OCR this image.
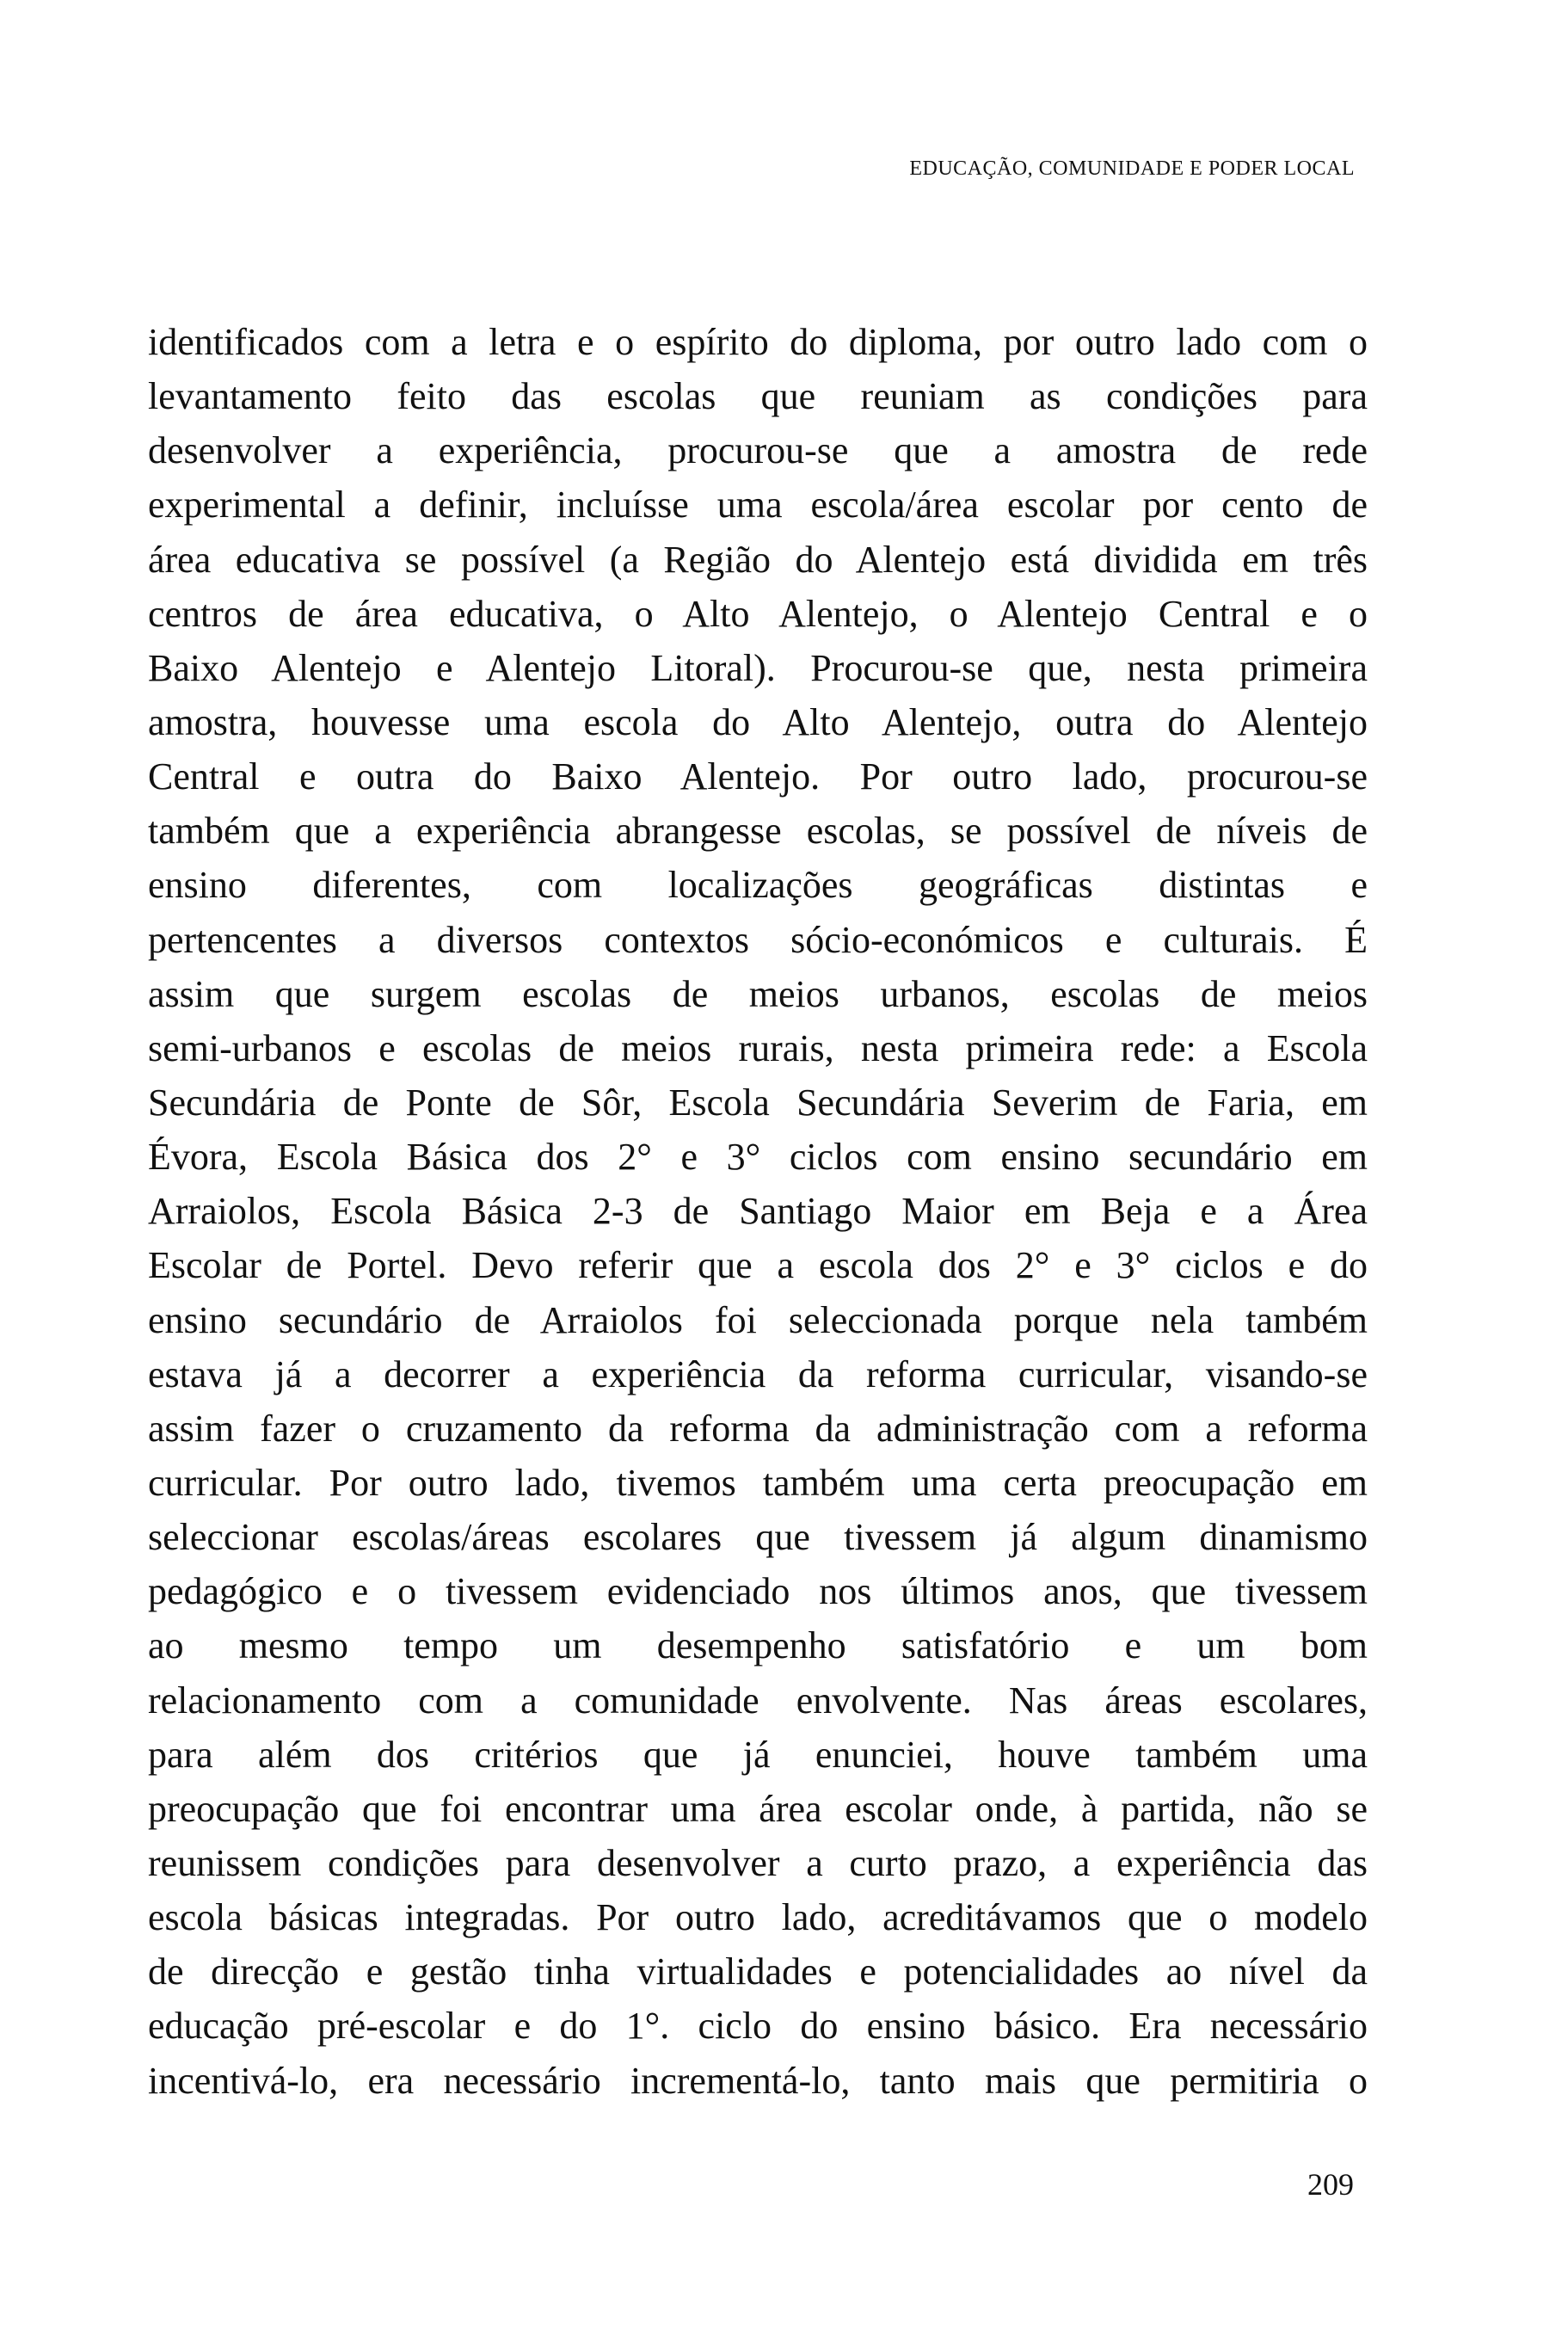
EDUCAÇÃO, COMUNIDADE E PODER LOCAL
identificados com a letra e o espírito do diploma, por outro lado com o
levantamento feito das escolas que reuniam as condições para
desenvolver a experiência, procurou-se que a amostra de rede
experimental a definir, incluísse uma escola/área escolar por cento de
área educativa se possível (a Região do Alentejo está dividida em três
centros de área educativa, o Alto Alentejo, o Alentejo Central e o
Baixo Alentejo e Alentejo Litoral). Procurou-se que, nesta primeira
amostra, houvesse uma escola do Alto Alentejo, outra do Alentejo
Central e outra do Baixo Alentejo. Por outro lado, procurou-se
também que a experiência abrangesse escolas, se possível de níveis de
ensino diferentes, com localizações geográficas distintas e
pertencentes a diversos contextos sócio-económicos e culturais. É
assim que surgem escolas de meios urbanos, escolas de meios
semi-urbanos e escolas de meios rurais, nesta primeira rede: a Escola
Secundária de Ponte de Sôr, Escola Secundária Severim de Faria, em
Évora, Escola Básica dos 2° e 3° ciclos com ensino secundário em
Arraiolos, Escola Básica 2-3 de Santiago Maior em Beja e a Área
Escolar de Portel. Devo referir que a escola dos 2° e 3° ciclos e do
ensino secundário de Arraiolos foi seleccionada porque nela também
estava já a decorrer a experiência da reforma curricular, visando-se
assim fazer o cruzamento da reforma da administração com a reforma
curricular. Por outro lado, tivemos também uma certa preocupação em
seleccionar escolas/áreas escolares que tivessem já algum dinamismo
pedagógico e o tivessem evidenciado nos últimos anos, que tivessem
ao mesmo tempo um desempenho satisfatório e um bom
relacionamento com a comunidade envolvente. Nas áreas escolares,
para além dos critérios que já enunciei, houve também uma
preocupação que foi encontrar uma área escolar onde, à partida, não se
reunissem condições para desenvolver a curto prazo, a experiência das
escola básicas integradas. Por outro lado, acreditávamos que o modelo
de direcção e gestão tinha virtualidades e potencialidades ao nível da
educação pré-escolar e do 1°. ciclo do ensino básico. Era necessário
incentivá-lo, era necessário incrementá-lo, tanto mais que permitiria o
209
